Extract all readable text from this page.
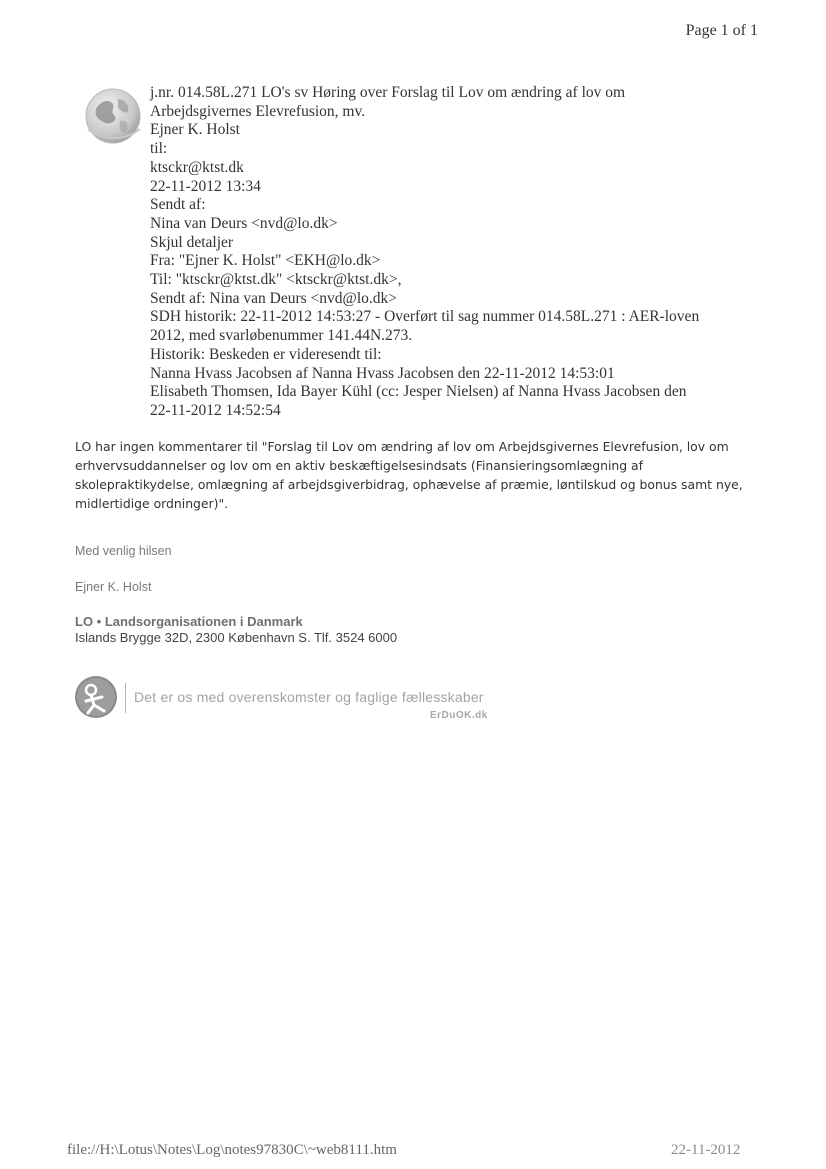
Page 1 of 1
j.nr. 014.58L.271 LO's sv Høring over Forslag til Lov om ændring af lov om
Arbejdsgivernes Elevrefusion, mv.
Ejner K. Holst
til:
ktsckr@ktst.dk
22-11-2012 13:34
Sendt af:
Nina van Deurs <nvd@lo.dk>
Skjul detaljer
Fra: "Ejner K. Holst" <EKH@lo.dk>
Til: "ktsckr@ktst.dk" <ktsckr@ktst.dk>,
Sendt af: Nina van Deurs <nvd@lo.dk>
SDH historik: 22-11-2012 14:53:27 - Overført til sag nummer 014.58L.271 : AER-loven
2012, med svarløbenummer 141.44N.273.
Historik: Beskeden er videresendt til:
Nanna Hvass Jacobsen af Nanna Hvass Jacobsen den 22-11-2012 14:53:01
Elisabeth Thomsen, Ida Bayer Kühl (cc: Jesper Nielsen) af Nanna Hvass Jacobsen den
22-11-2012 14:52:54
LO har ingen kommentarer til "Forslag til Lov om ændring af lov om Arbejdsgivernes Elevrefusion, lov om
erhvervsuddannelser og lov om en aktiv beskæftigelsesindsats (Finansieringsomlægning af
skolepraktikydelse, omlægning af arbejdsgiverbidrag, ophævelse af præmie, løntilskud og bonus samt nye,
midlertidige ordninger)".
Med venlig hilsen
Ejner K. Holst
LO • Landsorganisationen i Danmark
Islands Brygge 32D, 2300 København S. Tlf. 3524 6000
Det er os med overenskomster og faglige fællesskaber
ErDuOK.dk
file://H:\Lotus\Notes\Log\notes97830C\~web8111.htm	22-11-2012
